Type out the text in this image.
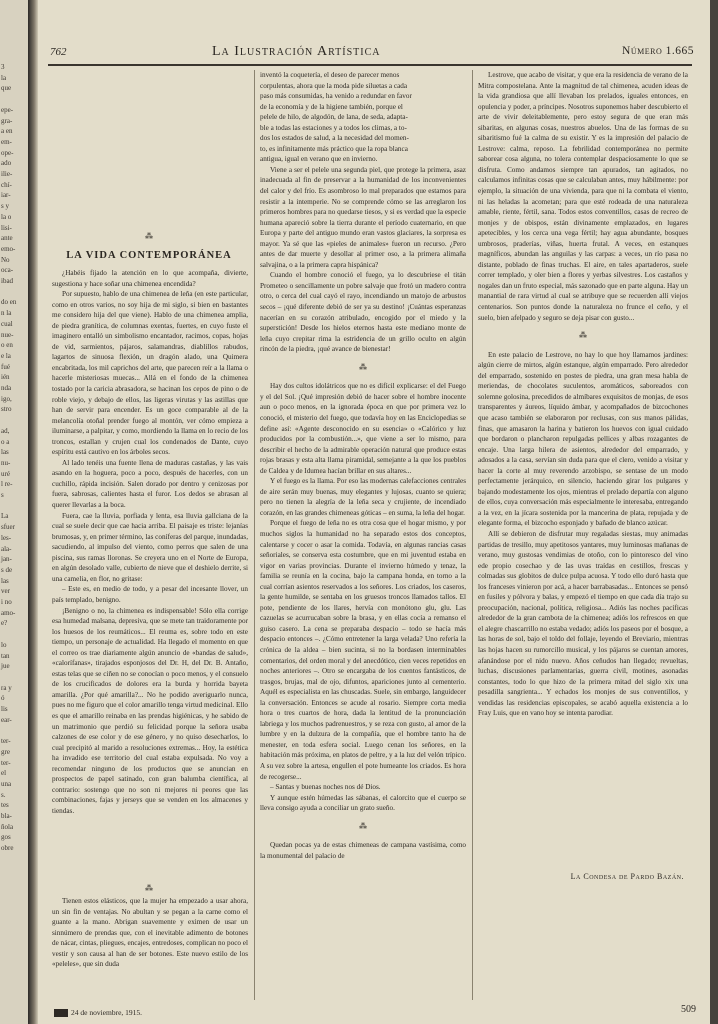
3
la
que
epe-
gra-
a en
em-
ope-
ado
ilie-
chí-
iar-
s y
la o
lisi-
ante
emo-
No
oca-
ibad
do en
n la
cual
nue-
o en
e la
fué
ién
nda
igo,
stro
ad,
o a
las
nu-
uré
l re-
s
La
sfuer
les-
ala-
jan-
s de
las
ver
i no
amo-
e?
lo
tan
jue
ra y
ó
lis
ear-
ter-
gre
ter-
el
una
s.
tes
bla-
ñola
gos
obre
762	La Ilustración Artística	Número 1.665
⁂
LA VIDA CONTEMPORÁNEA

¿Habéis fijado la atención en lo que acompaña, divierte, sugestiona y hace soñar una chimenea encendida?

Por supuesto, hablo de una chimenea de leña (en este particular, como en otros varios, no soy hija de mi siglo, si bien en bastantes me considero hija del que viene). Hablo de una chimenea amplia, de piedra granítica, de columnas exentas, fuertes, en cuyo fuste el imaginero entalló un simbolismo encantador, racimos, copas, hojas de vid, sarmientos, pájaros, salamandras, diablillos rabudos, lagartos de sinuosa flexión, un dragón alado, una Quimera encabritada, los mil caprichos del arte, que parecen reír a la llama o hacerle misteriosas muecas... Allá en el fondo de la chimenea tostado por la caricia abrasadora, se hacinan los cepos de pino o de roble viejo, y debajo de ellos, las ligeras virutas y las astillas que han de servir para encender. Es un goce comparable al de la melancolía otoñal prender fuego al montón, ver cómo empieza a iluminarse, a palpitar, y como, mordiendo la llama en lo recio de los troncos, estallan y crujen cual los condenados de Dante, cuyo espíritu está cautivo en los árboles secos.

Al lado tenéis una fuente llena de maduras castañas, y las vais asando en la hoguera, poco a poco, después de hacerles, con un cuchillo, rápida incisión. Salen dorado por dentro y cenizosas por fuera, sabrosas, calientes hasta el furor. Los dedos se abrasan al querer llevarlas a la boca.

Fuera, cae la lluvia, porfiada y lenta, esa lluvia gallciana de la cual se suele decir que cae hacia arriba. El paisaje es triste: lejanías brumosas, y, en primer término, las coníferas del parque, inundadas, sacudiendo, al impulso del viento, como perros que salen de una piscina, sus ramas lloronas. Se creyera uno en el Norte de Europa, en algún desolado valle, cubierto de nieve que el deshielo derrite, si una camelia, en flor, no gritase:

– Este es, en medio de todo, y a pesar del incesante llover, un país templado, benigno.

¡Benigno o no, la chimenea es indispensable! Sólo ella corrige esa humedad malsana, depresiva, que se mete tan traidoramente por los huesos de los reumáticos... El reuma es, sobre todo en este tiempo, un personaje de actualidad. Ha llegado el momento en que el correo os trae diariamente algún anuncio de «bandas de salud», «calorífanas», tirajados esponjosos del Dr. H, del Dr. B. Antaño, estas telas que se ciñen no se conocían o poco menos, y el consuelo de los crucificados de dolores era la burda y horrida bayeta amarilla. ¿Por qué amarilla?... No he podido averiguarlo nunca, pues no me figuro que el color amarillo tenga virtud medicinal. Ello es que el amarillo reinaba en las prendas higiénicas, y he sabido de un matrimonio que perdió su felicidad porque la señora usaba calzones de ese color y de ese género, y no quiso desecharlos, lo cual precipitó al marido a resoluciones extremas... Hoy, la estética ha invadido ese territorio del cual estaba expulsada. No voy a recomendar ninguno de los productos que se anuncian en prospectos de papel satinado, con gran balumba científica, al contrario: sostengo que no son ni mejores ni peores que las combinaciones, fajas y jerseys que se venden en los almacenes y tiendas.

⁂

Tienen estos elásticos, que la mujer ha empezado a usar ahora, un sin fin de ventajas. No abultan y se pegan a la carne como el guante a la mano. Abrigan suavemente y eximen de usar un sinnúmero de prendas que, con el inevitable adimento de botones de nácar, cintas, pliegues, encajes, entredoses, complican no poco el vestir y son causa al han de ser botones. Este nuevo estilo de los «peleles», que sin duda

inventó la coquetería, el deseo de parecer menos
corpulentas, ahora que la moda pide siluetas a cada
paso más consumidas, ha venido a redundar en favor
de la economía y de la higiene también, porque el
pelele de hilo, de algodón, de lana, de seda, adapta-
ble a todas las estaciones y a todos los climas, a to-
dos los estados de salud, a la necesidad del momen-
to, es infinitamente más práctico que la ropa blanca
antigua, igual en verano que en invierno.

Viene a ser el pelele una segunda piel, que protege la primera, asaz inadecuada al fin de preservar a la humanidad de los inconvenientes del calor y del frío. Es asombroso lo mal preparados que estamos para resistir a la intemperie. No se comprende cómo se las arreglaron los primeros hombres para no quedarse tiesos, y si es verdad que la especie humana apareció sobre la tierra durante el período cuaternario, en que Europa y parte del antiguo mundo eran vastos glaciares, la sorpresa es mayor. Ya sé que las «pieles de animales» fueron un recurso. ¿Pero antes de dar muerte y desollar al primer oso, a la primera alimaña salvajina, o a la primera capra hispánica?

Cuando el hombre conoció el fuego, ya lo descubriese el titán Prometeo o sencillamente un pobre salvaje que frotó un madero contra otro, o cerca del cual cayó el rayo, incendiando un matojo de arbustos secos – ¡qué diferente debió de ser ya su destino! ¡Cuántas esperanzas nacerían en su corazón atribulado, encogido por el miedo y la superstición! Desde los hielos eternos hasta este mediano monte de leña cuyo crepitar rima la estridencia de un grillo oculto en algún rincón de la piedra, ¡qué avance de bienestar!

⁂

Hay dos cultos idolátricos que no es difícil explicarse: el del Fuego y el del Sol. ¡Qué impresión debió de hacer sobre el hombre inocente aun o poco menos, en la ignorada época en que por primera vez lo conoció, el misterio del fuego, que todavía hoy en las Enciclopedias se define así: «Agente desconocido en su esencia» o «Calórico y luz producidos por la combustión...», que viene a ser lo mismo, para describir el hecho de la admirable operación natural que produce estas rojas brasas y esta alta llama piramidal, semejante a la que los pueblos de Caldea y de Idumea hacían brillar en sus altares...

Y el fuego es la llama. Por eso las modernas calefacciones centrales de aire serán muy buenas, muy elegantes y lujosas, cuanto se quiera; pero no tienen la alegría de la leña seca y crujiente, de incendiado corazón, en las grandes chimeneas góticas – en suma, la leña del hogar.

Porque el fuego de leña no es otra cosa que el hogar mismo, y por muchos siglos la humanidad no ha separado estos dos conceptos, calentarse y cocer o asar la comida. Todavía, en algunas rancias casas señoriales, se conserva esta costumbre, que en mi juventud estaba en vigor en varias provincias. Durante el invierno húmedo y tenaz, la familia se reunía en la cocina, bajo la campana honda, en torno a la cual corrían asientos reservados a los señores. Los criados, los caseros, la gente humilde, se sentaba en los gruesos troncos llamados tallos. El pote, pendiente de los llares, hervía con monótono glu, glu. Las cazuelas se acurrucaban sobre la brasa, y en ellas cocía a remanso el guiso casero. La cena se preparaba despacio – todo se hacía más despacio entonces –. ¿Cómo entretener la larga velada? Uno refería la crónica de la aldea – bien sucinta, si no la bordasen interminables comentarios, del orden moral y del anecdótico, cien veces repetidos en noches anteriores –. Otro se encargaba de los cuentos fantásticos, de trasgos, brujas, mal de ojo, difuntos, apariciones junto al cementerio. Aquél es especialista en las chuscadas. Suele, sin embargo, languidecer la conversación. Entonces se acude al rosario. Siempre corta media hora o tres cuartos de hora, dada la lentitud de la pronunciación labriega y los muchos padrenuestros, y se reza con gusto, al amor de la lumbre y en la dulzura de la compañía, que el hombre tanto ha de menester, en toda esfera social. Luego cenan los señores, en la habitación más próxima, en platos de peltre, y a la luz del velón trípico. A su vez sobre la artesa, engullen el pote humeante los criados. Es hora de recogerse...

– Santas y buenas noches nos dé Dios.

Y aunque estén húmedas las sábanas, el calorcito que el cuerpo se lleva consigo ayuda a conciliar un grato sueño.

⁂

Quedan pocas ya de estas chimeneas de campana vastísima, como la monumental del palacio de

Lestrove, que acabo de visitar, y que era la residencia de verano de la Mitra compostelana. Ante la magnitud de tal chimenea, acuden ideas de la vida grandiosa que allí llevaban los prelados, iguales entonces, en opulencia y poder, a príncipes. Nosotros suponemos haber descubierto el arte de vivir deleitablemente, pero estoy segura de que eran más sibaritas, en algunas cosas, nuestros abuelos. Una de las formas de su sibaritismo fué la calma de su existir. Y es la impresión del palacio de Lestrove: calma, reposo. La febrilidad contemporánea no permite saborear cosa alguna, no tolera contemplar despaciosamente lo que se disfruta. Como andamos siempre tan apurados, tan agitados, no calculamos infinitas cosas que se calculaban antes, muy hábilmente: por ejemplo, la situación de una vivienda, para que ni la combata el viento, ni las heladas la acometan; para que esté rodeada de una naturaleza amable, riente, fértil, sana. Todos estos conventillos, casas de recreo de monjes y de obispos, están divinamente emplazados, en lugares apetecibles, y los cerca una vega fértil; hay agua abundante, bosques umbrosos, praderías, viñas, huerta frutal. A veces, en estanques magníficos, abundan las anguilas y las carpas: a veces, un río pasa no distante, poblado de finas truchas. El aire, en tales apartaderos, suele correr templado, y oler bien a flores y yerbas silvestres. Los castaños y nogales dan un fruto especial, más sazonado que en parte alguna. Hay un manantial de rara virtud al cual se atribuye que se recuerden allí viejos centenarios. Son puntos donde la naturaleza no frunce el ceño, y el suelo, bien afelpado y seguro se deja pisar con gusto...

⁂

En este palacio de Lestrove, no hay lo que hoy llamamos jardines: algún cierre de mirtos, algún estanque, algún emparrado. Pero alrededor del emparrado, sostenido en postes de piedra, una gran mesa habla de meriendas, de chocolates suculentos, aromáticos, saboreados con solemne golosina, precedidos de almíbares exquisitos de monjas, de esos transparentes y áureos, líquido ámbar, y acompañados de bizcochones que acaso también se elaboraron por reclusas, con sus manos pálidas, finas, que amasaron la harina y batieron los huevos con igual cuidado que bordaron o plancharon repulgadas pellices y albas rozagantes de encaje. Una larga hilera de asientos, alrededor del emparrado, y adosados a la casa, servían sin duda para que el clero, venido a visitar y hacer la corte al muy reverendo arzobispo, se sentase de un modo perfectamente jerárquico, en silencio, haciendo girar los pulgares y bajando modestamente los ojos, mientras el prelado departía con alguno de ellos, cuya conversación más especialmente le interesaba, entregando a la vez, en la jícara sostenida por la mancerina de plata, repujada y de elegante forma, el bizcocho esponjado y bañado de blanco azúcar.

Allí se debieron de disfrutar muy regaladas siestas, muy animadas partidas de tresillo, muy apetitosos yantares, muy luminosas mañanas de verano, muy gustosas vendimias de otoño, con lo pintoresco del vino ede propio cosechao y de las uvas traídas en cestillos, frescas y colmadas sus globitos de dulce pulpa acuosa. Y todo ello duró hasta que los franceses vinieron por acá, a hacer barrabasadas... Entonces se pensó en fusiles y pólvora y balas, y empezó el tiempo en que cada día trajo su preocupación, nacional, política, religiosa... Adiós las noches pacíficas alrededor de la gran cambota de la chimenea; adiós los refrescos en que el alegre chascarrillo no estaba vedado; adiós los paseos por el bosque, a las horas de sol, bajo el toldo del follaje, leyendo el Breviario, mientras las hojas hacen su rumorcillo musical, y los pájaros se cuentan amores, afanándose por el nido nuevo. Años ceñudos han llegado; revueltas, luchas, discusiones parlamentarias, guerra civil, motines, asonadas constantes, todo lo que hizo de la primera mitad del siglo xix una pesadilla sangrienta... Y echados los monjes de sus conventillos, y vendidas las residencias episcopales, se acabó aquella existencia a lo Fray Luis, que en vano hoy se intenta parodiar.

La Condesa de Pardo Bazán.
24 de noviembre, 1915.	509
